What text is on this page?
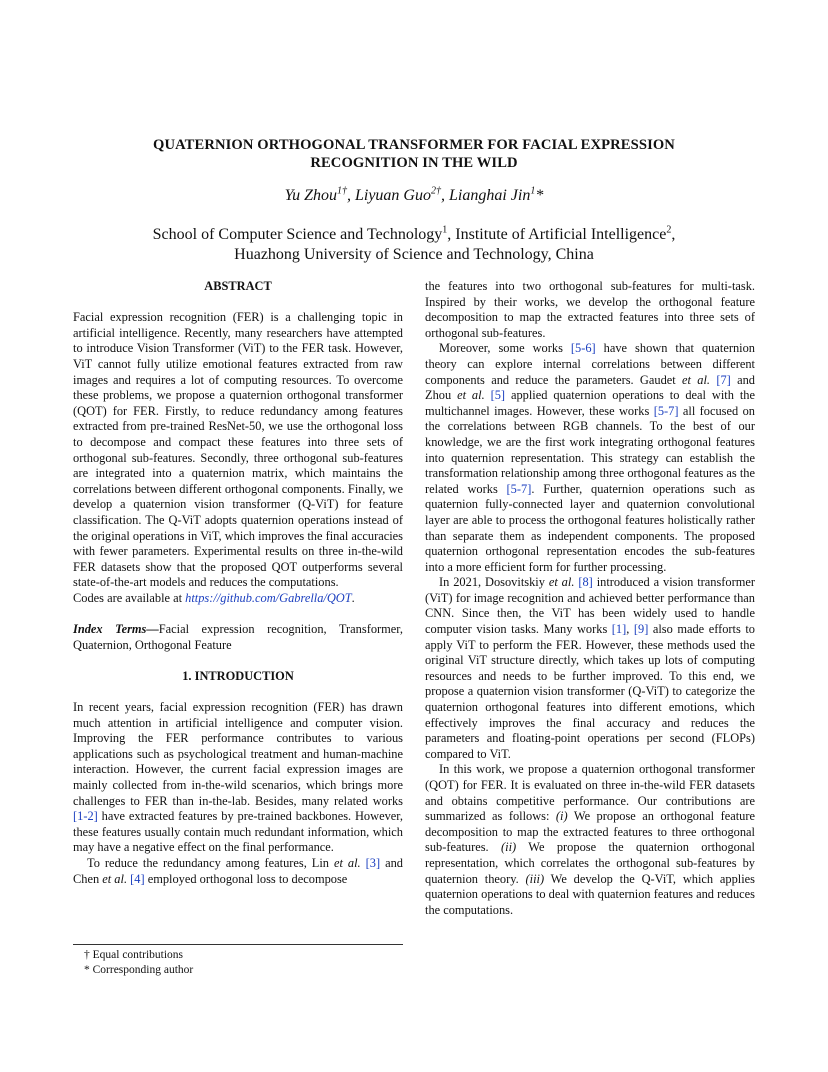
QUATERNION ORTHOGONAL TRANSFORMER FOR FACIAL EXPRESSION
RECOGNITION IN THE WILD
Yu Zhou$^{1\dagger}$, Liyuan Guo$^{2\dagger}$, Lianghai Jin$^1$*
School of Computer Science and Technology$^1$, Institute of Artificial Intelligence$^2$,
Huazhong University of Science and Technology, China

ABSTRACT

Facial expression recognition (FER) is a challenging topic in artificial intelligence. Recently, many researchers have attempted to introduce Vision Transformer (ViT) to the FER task. However, ViT cannot fully utilize emotional features extracted from raw images and requires a lot of computing resources. To overcome these problems, we propose a quaternion orthogonal transformer (QOT) for FER. Firstly, to reduce redundancy among features extracted from pre-trained ResNet-50, we use the orthogonal loss to decompose and compact these features into three sets of orthogonal sub-features. Secondly, three orthogonal sub-features are integrated into a quaternion matrix, which maintains the correlations between different orthogonal components. Finally, we develop a quaternion vision transformer (Q-ViT) for feature classification. The Q-ViT adopts quaternion operations instead of the original operations in ViT, which improves the final accuracies with fewer parameters. Experimental results on three in-the-wild FER datasets show that the proposed QOT outperforms several state-of-the-art models and reduces the computations.

Codes are available at https://github.com/Gabrella/QOT.

Index Terms—Facial expression recognition, Transformer, Quaternion, Orthogonal Feature

1. INTRODUCTION

In recent years, facial expression recognition (FER) has drawn much attention in artificial intelligence and computer vision. Improving the FER performance contributes to various applications such as psychological treatment and human-machine interaction. However, the current facial expression images are mainly collected from in-the-wild scenarios, which brings more challenges to FER than in-the-lab. Besides, many related works [1-2] have extracted features by pre-trained backbones. However, these features usually contain much redundant information, which may have a negative effect on the final performance.

To reduce the redundancy among features, Lin et al. [3] and Chen et al. [4] employed orthogonal loss to decompose

† Equal contributions
* Corresponding author

the features into two orthogonal sub-features for multi-task. Inspired by their works, we develop the orthogonal feature decomposition to map the extracted features into three sets of orthogonal sub-features.

Moreover, some works [5-6] have shown that quaternion theory can explore internal correlations between different components and reduce the parameters. Gaudet et al. [7] and Zhou et al. [5] applied quaternion operations to deal with the multichannel images. However, these works [5-7] all focused on the correlations between RGB channels. To the best of our knowledge, we are the first work integrating orthogonal features into quaternion representation. This strategy can establish the transformation relationship among three orthogonal features as the related works [5-7]. Further, quaternion operations such as quaternion fully-connected layer and quaternion convolutional layer are able to process the orthogonal features holistically rather than separate them as independent components. The proposed quaternion orthogonal representation encodes the sub-features into a more efficient form for further processing.

In 2021, Dosovitskiy et al. [8] introduced a vision transformer (ViT) for image recognition and achieved better performance than CNN. Since then, the ViT has been widely used to handle computer vision tasks. Many works [1], [9] also made efforts to apply ViT to perform the FER. However, these methods used the original ViT structure directly, which takes up lots of computing resources and needs to be further improved. To this end, we propose a quaternion vision transformer (Q-ViT) to categorize the quaternion orthogonal features into different emotions, which effectively improves the final accuracy and reduces the parameters and floating-point operations per second (FLOPs) compared to ViT.

In this work, we propose a quaternion orthogonal transformer (QOT) for FER. It is evaluated on three in-the-wild FER datasets and obtains competitive performance. Our contributions are summarized as follows: (i) We propose an orthogonal feature decomposition to map the extracted features to three orthogonal sub-features. (ii) We propose the quaternion orthogonal representation, which correlates the orthogonal sub-features by quaternion theory. (iii) We develop the Q-ViT, which applies quaternion operations to deal with quaternion features and reduces the computations.
